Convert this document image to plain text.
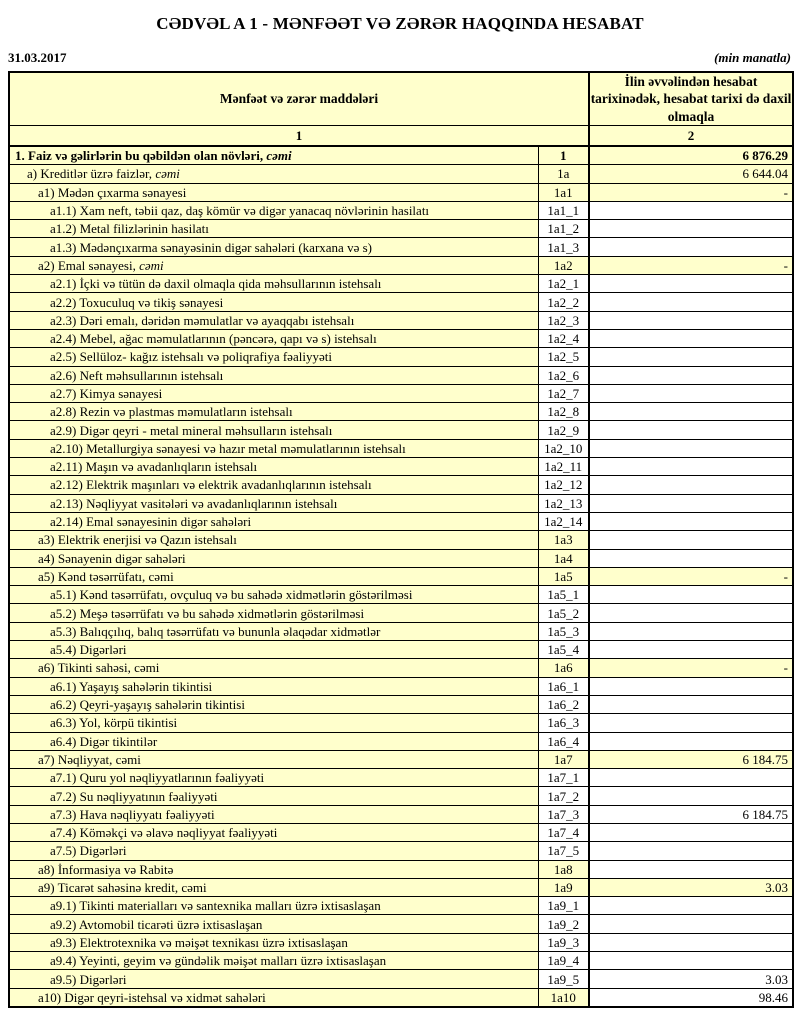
CƏDVƏL A 1 - MƏNFƏƏT VƏ ZƏRƏR HAQQINDA HESABAT
31.03.2017	(min manatla)
Mənfəət və zərər maddələri		İlin əvvəlindən hesabat tarixinədək, hesabat tarixi də daxil olmaqla
1		2
1. Faiz və gəlirlərin bu qəbildən olan növləri, cəmi	1	6 876.29
a) Kreditlər üzrə faizlər, cəmi	1a	6 644.04
a1) Mədən çıxarma sənayesi	1a1	-
a1.1) Xam neft, təbii qaz, daş kömür və digər yanacaq növlərinin hasilatı	1a1_1	
a1.2) Metal filizlərinin hasilatı	1a1_2	
a1.3) Mədənçıxarma sənayəsinin digər sahələri (karxana və s)	1a1_3	
a2) Emal sənayesi, cəmi	1a2	-
a2.1) İçki və tütün də daxil olmaqla qida məhsullarının istehsalı	1a2_1	
a2.2) Toxuculuq və tikiş sənayesi	1a2_2	
a2.3) Dəri emalı, dəridən məmulatlar və ayaqqabı istehsalı	1a2_3	
a2.4) Mebel, ağac məmulatlarının (pəncərə, qapı və s) istehsalı	1a2_4	
a2.5) Sellüloz- kağız istehsalı və poliqrafiya fəaliyyəti	1a2_5	
a2.6) Neft məhsullarının istehsalı	1a2_6	
a2.7) Kimya sənayesi	1a2_7	
a2.8) Rezin və plastmas məmulatların istehsalı	1a2_8	
a2.9) Digər qeyri - metal mineral məhsulların istehsalı	1a2_9	
a2.10) Metallurgiya sənayesi və hazır metal məmulatlarının istehsalı	1a2_10	
a2.11) Maşın və avadanlıqların istehsalı	1a2_11	
a2.12) Elektrik maşınları və elektrik avadanlıqlarının istehsalı	1a2_12	
a2.13) Nəqliyyat vasitələri və avadanlıqlarının istehsalı	1a2_13	
a2.14) Emal sənayesinin digər sahələri	1a2_14	
a3) Elektrik enerjisi və Qazın istehsalı	1a3	
a4) Sənayenin digər sahələri	1a4	
a5) Kənd təsərrüfatı, cəmi	1a5	-
a5.1) Kənd təsərrüfatı, ovçuluq və bu sahədə xidmətlərin göstərilməsi	1a5_1	
a5.2) Meşə təsərrüfatı və bu sahədə xidmətlərin göstərilməsi	1a5_2	
a5.3) Balıqçılıq, balıq təsərrüfatı və bununla əlaqədar xidmətlər	1a5_3	
a5.4) Digərləri	1a5_4	
a6) Tikinti sahəsi, cəmi	1a6	-
a6.1) Yaşayış sahələrin tikintisi	1a6_1	
a6.2) Qeyri-yaşayış sahələrin tikintisi	1a6_2	
a6.3) Yol, körpü tikintisi	1a6_3	
a6.4) Digər tikintilər	1a6_4	
a7) Nəqliyyat, cəmi	1a7	6 184.75
a7.1) Quru yol nəqliyyatlarının fəaliyyəti	1a7_1	
a7.2) Su nəqliyyatının fəaliyyəti	1a7_2	
a7.3) Hava nəqliyyatı fəaliyyəti	1a7_3	6 184.75
a7.4) Köməkçi və əlavə nəqliyyat fəaliyyəti	1a7_4	
a7.5) Digərləri	1a7_5	
a8) İnformasiya və Rabitə	1a8	
a9) Ticarət sahəsinə kredit, cəmi	1a9	3.03
a9.1) Tikinti materialları və santexnika malları üzrə ixtisaslaşan	1a9_1	
a9.2) Avtomobil ticarəti üzrə ixtisaslaşan	1a9_2	
a9.3) Elektrotexnika və məişət texnikası üzrə ixtisaslaşan	1a9_3	
a9.4) Yeyinti, geyim və gündəlik məişət malları üzrə ixtisaslaşan	1a9_4	
a9.5) Digərləri	1a9_5	3.03
a10) Digər qeyri-istehsal və xidmət sahələri	1a10	98.46
